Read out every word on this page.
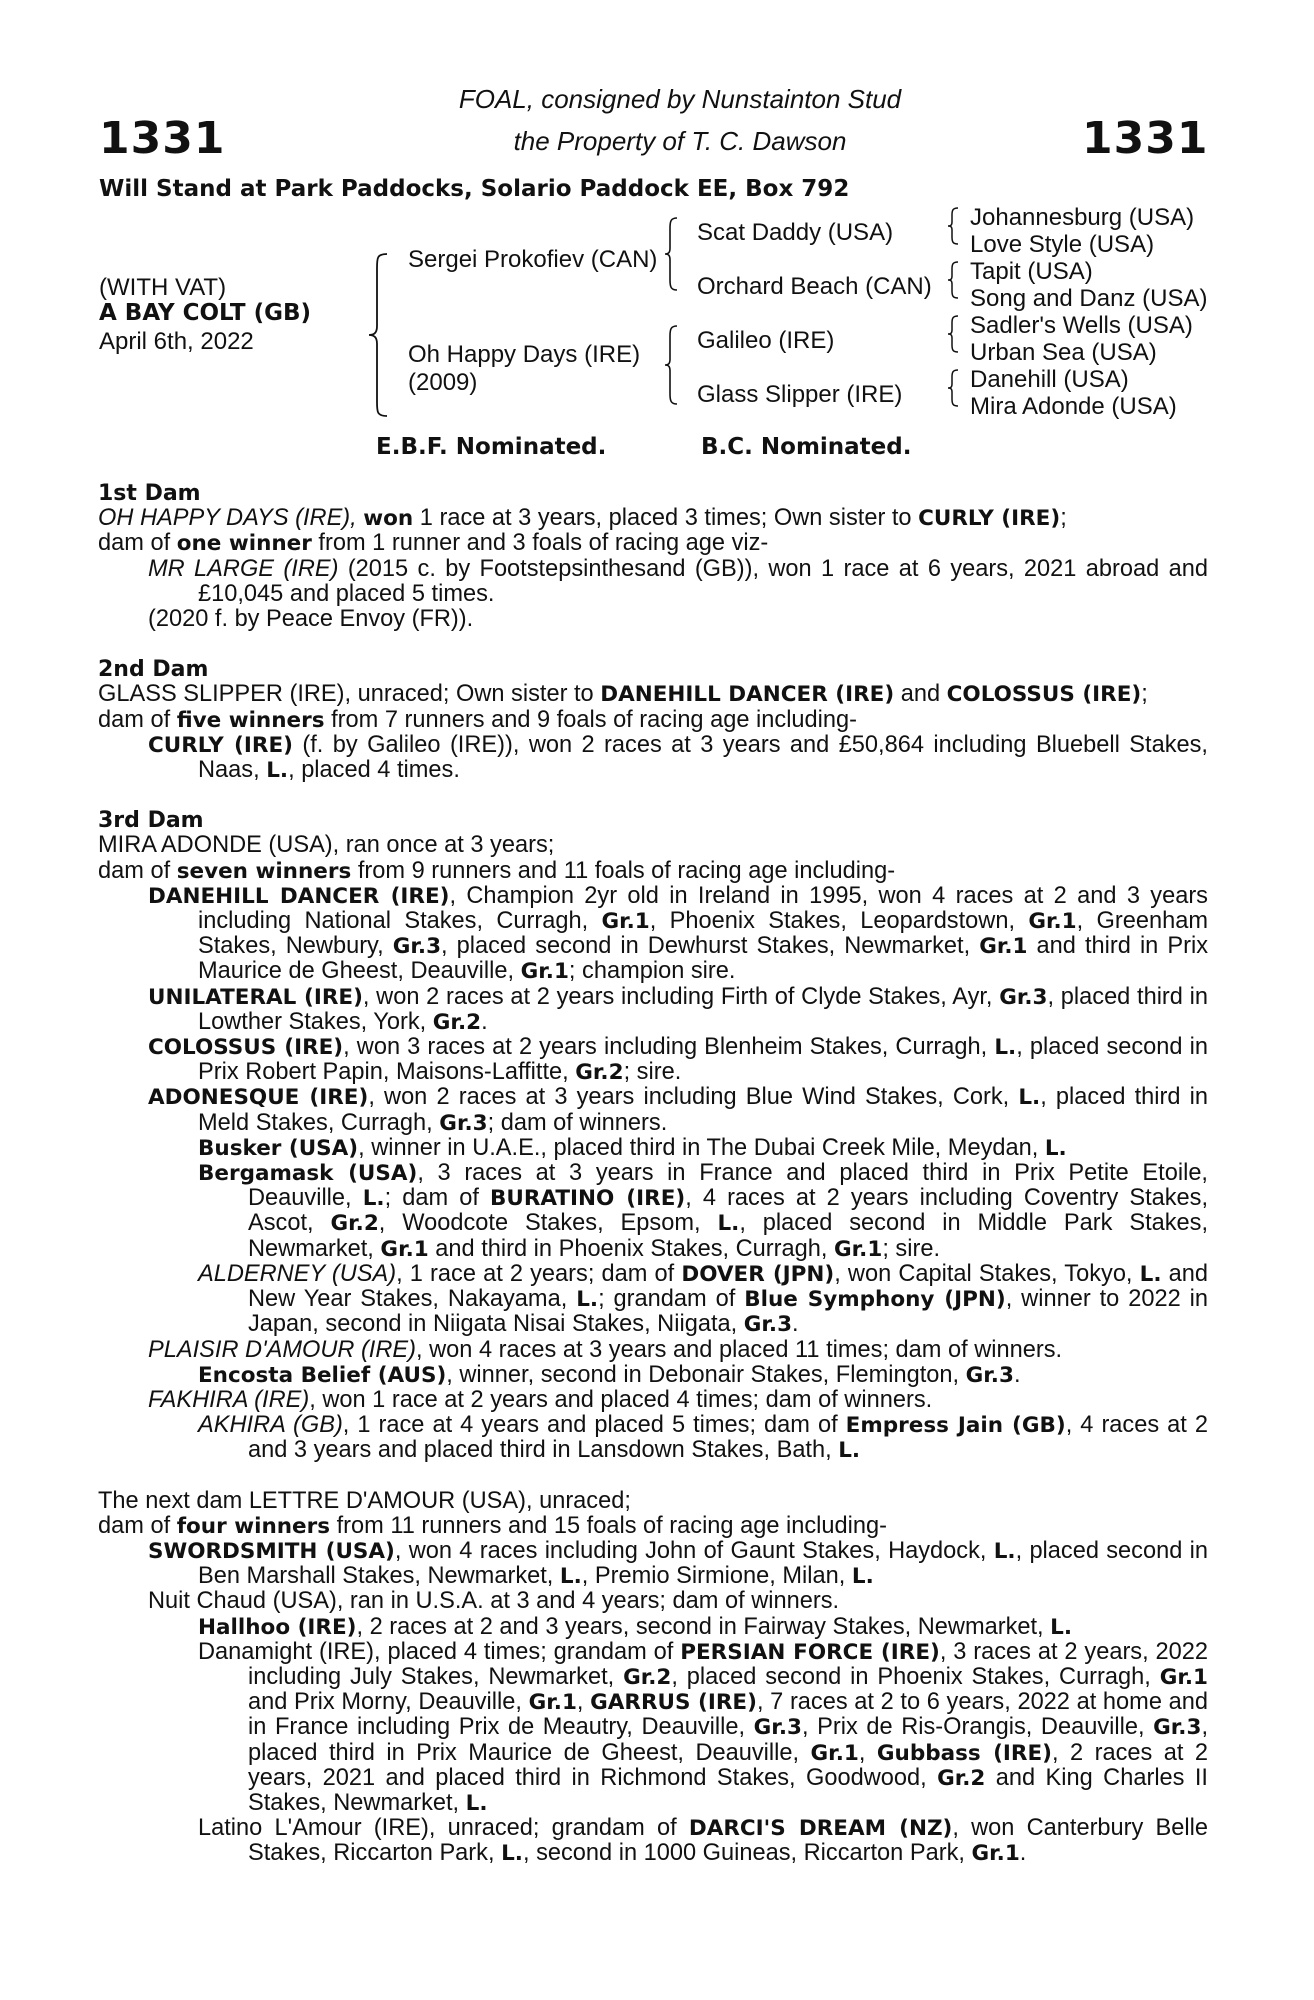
1331	1331
FOAL, consigned by Nunstainton Stud
the Property of T. C. Dawson
Will Stand at Park Paddocks, Solario Paddock EE, Box 792
(WITH VAT)
A BAY COLT (GB)
April 6th, 2022
Sergei Prokofiev (CAN)
Oh Happy Days (IRE)
(2009)
Scat Daddy (USA)
Orchard Beach (CAN)
Galileo (IRE)
Glass Slipper (IRE)
Johannesburg (USA)
Love Style (USA)
Tapit (USA)
Song and Danz (USA)
Sadler's Wells (USA)
Urban Sea (USA)
Danehill (USA)
Mira Adonde (USA)
E.B.F. Nominated.	B.C. Nominated.

1st Dam

OH HAPPY DAYS (IRE), won 1 race at 3 years, placed 3 times; Own sister to CURLY (IRE);

dam of one winner from 1 runner and 3 foals of racing age viz-

MR LARGE (IRE) (2015 c. by Footstepsinthesand (GB)), won 1 race at 6 years, 2021 abroad and £10,045 and placed 5 times.

(2020 f. by Peace Envoy (FR)).

2nd Dam

GLASS SLIPPER (IRE), unraced; Own sister to DANEHILL DANCER (IRE) and COLOSSUS (IRE);

dam of five winners from 7 runners and 9 foals of racing age including-

CURLY (IRE) (f. by Galileo (IRE)), won 2 races at 3 years and £50,864 including Bluebell Stakes, Naas, L., placed 4 times.

3rd Dam

MIRA ADONDE (USA), ran once at 3 years;

dam of seven winners from 9 runners and 11 foals of racing age including-

DANEHILL DANCER (IRE), Champion 2yr old in Ireland in 1995, won 4 races at 2 and 3 years including National Stakes, Curragh, Gr.1, Phoenix Stakes, Leopardstown, Gr.1, Greenham Stakes, Newbury, Gr.3, placed second in Dewhurst Stakes, Newmarket, Gr.1 and third in Prix Maurice de Gheest, Deauville, Gr.1; champion sire.

UNILATERAL (IRE), won 2 races at 2 years including Firth of Clyde Stakes, Ayr, Gr.3, placed third in Lowther Stakes, York, Gr.2.

COLOSSUS (IRE), won 3 races at 2 years including Blenheim Stakes, Curragh, L., placed second in Prix Robert Papin, Maisons-Laffitte, Gr.2; sire.

ADONESQUE (IRE), won 2 races at 3 years including Blue Wind Stakes, Cork, L., placed third in Meld Stakes, Curragh, Gr.3; dam of winners.

Busker (USA), winner in U.A.E., placed third in The Dubai Creek Mile, Meydan, L.

Bergamask (USA), 3 races at 3 years in France and placed third in Prix Petite Etoile, Deauville, L.; dam of BURATINO (IRE), 4 races at 2 years including Coventry Stakes, Ascot, Gr.2, Woodcote Stakes, Epsom, L., placed second in Middle Park Stakes, Newmarket, Gr.1 and third in Phoenix Stakes, Curragh, Gr.1; sire.

ALDERNEY (USA), 1 race at 2 years; dam of DOVER (JPN), won Capital Stakes, Tokyo, L. and New Year Stakes, Nakayama, L.; grandam of Blue Symphony (JPN), winner to 2022 in Japan, second in Niigata Nisai Stakes, Niigata, Gr.3.

PLAISIR D'AMOUR (IRE), won 4 races at 3 years and placed 11 times; dam of winners.

Encosta Belief (AUS), winner, second in Debonair Stakes, Flemington, Gr.3.

FAKHIRA (IRE), won 1 race at 2 years and placed 4 times; dam of winners.

AKHIRA (GB), 1 race at 4 years and placed 5 times; dam of Empress Jain (GB), 4 races at 2 and 3 years and placed third in Lansdown Stakes, Bath, L.

The next dam LETTRE D'AMOUR (USA), unraced;

dam of four winners from 11 runners and 15 foals of racing age including-

SWORDSMITH (USA), won 4 races including John of Gaunt Stakes, Haydock, L., placed second in Ben Marshall Stakes, Newmarket, L., Premio Sirmione, Milan, L.

Nuit Chaud (USA), ran in U.S.A. at 3 and 4 years; dam of winners.

Hallhoo (IRE), 2 races at 2 and 3 years, second in Fairway Stakes, Newmarket, L.

Danamight (IRE), placed 4 times; grandam of PERSIAN FORCE (IRE), 3 races at 2 years, 2022 including July Stakes, Newmarket, Gr.2, placed second in Phoenix Stakes, Curragh, Gr.1 and Prix Morny, Deauville, Gr.1, GARRUS (IRE), 7 races at 2 to 6 years, 2022 at home and in France including Prix de Meautry, Deauville, Gr.3, Prix de Ris-Orangis, Deauville, Gr.3, placed third in Prix Maurice de Gheest, Deauville, Gr.1, Gubbass (IRE), 2 races at 2 years, 2021 and placed third in Richmond Stakes, Goodwood, Gr.2 and King Charles II Stakes, Newmarket, L.

Latino L'Amour (IRE), unraced; grandam of DARCI'S DREAM (NZ), won Canterbury Belle Stakes, Riccarton Park, L., second in 1000 Guineas, Riccarton Park, Gr.1.
